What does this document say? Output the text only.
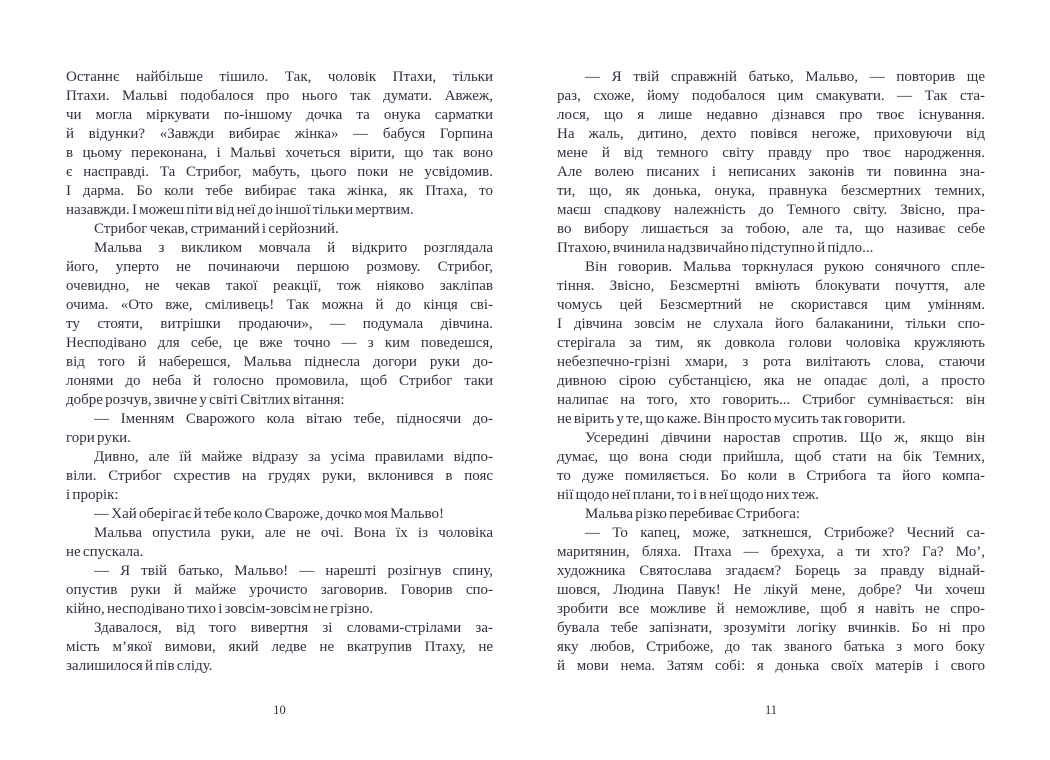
Останнє найбільше тішило. Так, чоловік Птахи, тільки
Птахи. Мальві подобалося про нього так думати. Авжеж,
чи могла міркувати по-іншому дочка та онука сарматки
й відунки? «Завжди вибирає жінка» — бабуся Горпина
в цьому переконана, і Мальві хочеться вірити, що так воно
є насправді. Та Стрибог, мабуть, цього поки не усвідомив.
І дарма. Бо коли тебе вибирає така жінка, як Птаха, то
назавжди. І можеш піти від неї до іншої тільки мертвим.
Стрибог чекав, стриманий і серйозний.
Мальва з викликом мовчала й відкрито розглядала
його, уперто не починаючи першою розмову. Стрибог,
очевидно, не чекав такої реакції, тож ніяково закліпав
очима. «Ото вже, сміливець! Так можна й до кінця сві-
ту стояти, витрішки продаючи», — подумала дівчина.
Несподівано для себе, це вже точно — з ким поведешся,
від того й наберешся, Мальва піднесла догори руки до-
лонями до неба й голосно промовила, щоб Стрибог таки
добре розчув, звичне у світі Світлих вітання:
— Іменням Сварожого кола вітаю тебе, підносячи до-
гори руки.
Дивно, але їй майже відразу за усіма правилами відпо-
віли. Стрибог схрестив на грудях руки, вклонився в пояс
і прорік:
— Хай оберігає й тебе коло Свароже, дочко моя Мальво!
Мальва опустила руки, але не очі. Вона їх із чоловіка
не спускала.
— Я твій батько, Мальво! — нарешті розігнув спину,
опустив руки й майже урочисто заговорив. Говорив спо-
кійно, несподівано тихо і зовсім-зовсім не грізно.
Здавалося, від того вивертня зі словами-стрілами за-
мість м’якої вимови, який ледве не вкатрупив Птаху, не
залишилося й пів сліду.
10
— Я твій справжній батько, Мальво, — повторив ще
раз, схоже, йому подобалося цим смакувати. — Так ста-
лося, що я лише недавно дізнався про твоє існування.
На жаль, дитино, дехто повівся негоже, приховуючи від
мене й від темного світу правду про твоє народження.
Але волею писаних і неписаних законів ти повинна зна-
ти, що, як донька, онука, правнука безсмертних темних,
маєш спадкову належність до Темного світу. Звісно, пра-
во вибору лишається за тобою, але та, що називає себе
Птахою, вчинила надзвичайно підступно й підло...
Він говорив. Мальва торкнулася рукою сонячного спле-
тіння. Звісно, Безсмертні вміють блокувати почуття, але
чомусь цей Безсмертний не скористався цим умінням.
І дівчина зовсім не слухала його балаканини, тільки спо-
стерігала за тим, як довкола голови чоловіка кружляють
небезпечно-грізні хмари, з рота вилітають слова, стаючи
дивною сірою субстанцією, яка не опадає долі, а просто
налипає на того, хто говорить... Стрибог сумнівається: він
не вірить у те, що каже. Він просто мусить так говорити.
Усередині дівчини наростав спротив. Що ж, якщо він
думає, що вона сюди прийшла, щоб стати на бік Темних,
то дуже помиляється. Бо коли в Стрибога та його компа-
нії щодо неї плани, то і в неї щодо них теж.
Мальва різко перебиває Стрибога:
— То капец, може, заткнешся, Стрибоже? Чесний са-
маритянин, бляха. Птаха — брехуха, а ти хто? Га? Мо’,
художника Святослава згадаєм? Борець за правду віднай-
шовся, Людина Павук! Не лікуй мене, добре? Чи хочеш
зробити все можливе й неможливе, щоб я навіть не спро-
бувала тебе запізнати, зрозуміти логіку вчинків. Бо ні про
яку любов, Стрибоже, до так званого батька з мого боку
й мови нема. Затям собі: я донька своїх матерів і свого
11
